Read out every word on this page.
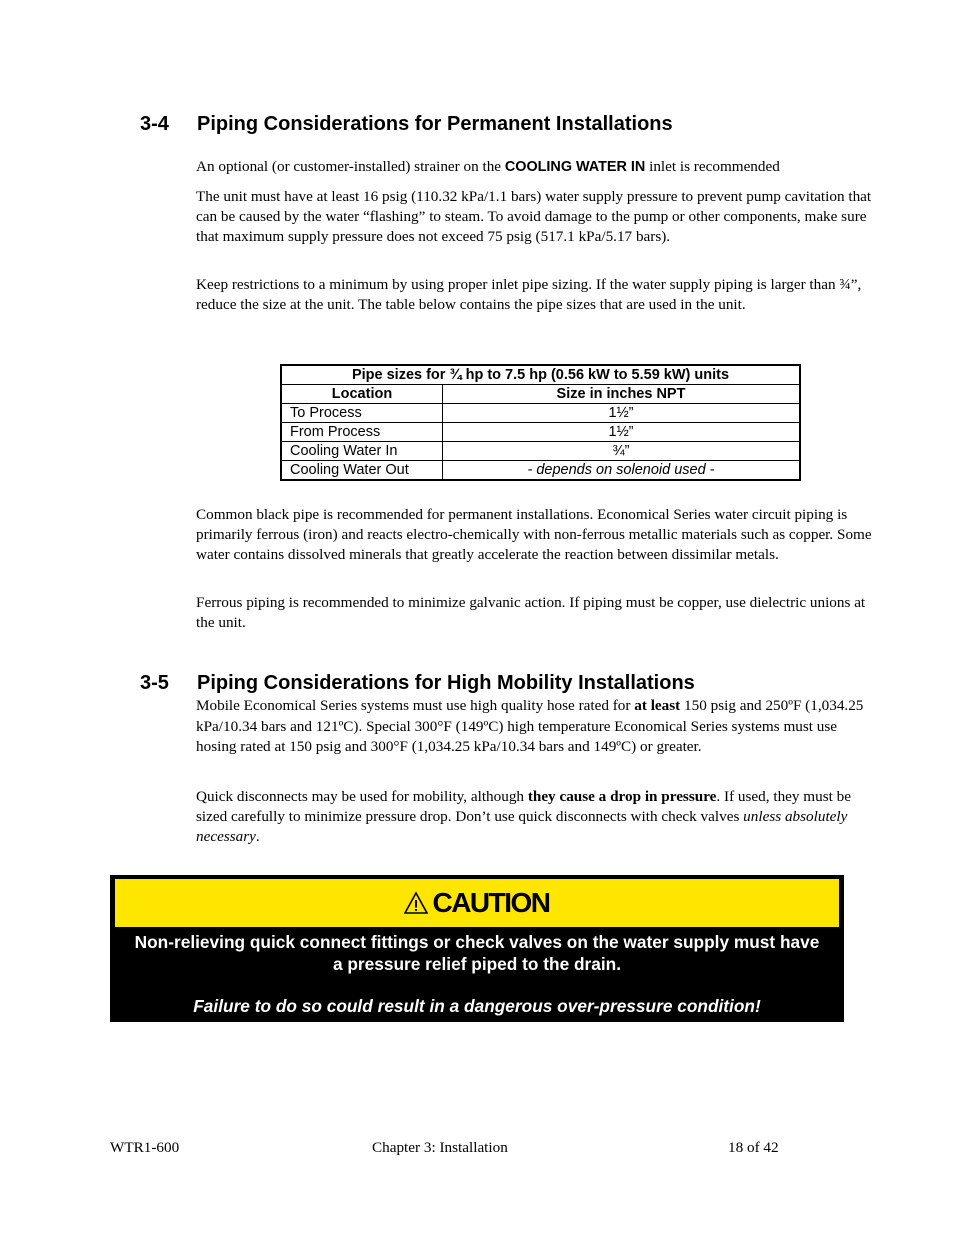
3-4 Piping Considerations for Permanent Installations

An optional (or customer-installed) strainer on the COOLING WATER IN inlet is recommended

The unit must have at least 16 psig (110.32 kPa/1.1 bars) water supply pressure to prevent pump cavitation that can be caused by the water “flashing” to steam. To avoid damage to the pump or other components, make sure that maximum supply pressure does not exceed 75 psig (517.1 kPa/5.17 bars).

Keep restrictions to a minimum by using proper inlet pipe sizing. If the water supply piping is larger than ¾”, reduce the size at the unit. The table below contains the pipe sizes that are used in the unit.

Pipe sizes for ¾ hp to 7.5 hp (0.56 kW to 5.59 kW) units	
Location	Size in inches NPT
To Process	1½”
From Process	1½”
Cooling Water In	¾”
Cooling Water Out	- depends on solenoid used -

Common black pipe is recommended for permanent installations. Economical Series water circuit piping is primarily ferrous (iron) and reacts electro-chemically with non-ferrous metallic materials such as copper. Some water contains dissolved minerals that greatly accelerate the reaction between dissimilar metals.

Ferrous piping is recommended to minimize galvanic action. If piping must be copper, use dielectric unions at the unit.

3-5 Piping Considerations for High Mobility Installations

Mobile Economical Series systems must use high quality hose rated for at least 150 psig and 250ºF (1,034.25 kPa/10.34 bars and 121ºC). Special 300°F (149ºC) high temperature Economical Series systems must use hosing rated at 150 psig and 300°F (1,034.25 kPa/10.34 bars and 149ºC) or greater.

Quick disconnects may be used for mobility, although they cause a drop in pressure. If used, they must be sized carefully to minimize pressure drop. Don’t use quick disconnects with check valves unless absolutely necessary.

CAUTION

Non-relieving quick connect fittings or check valves on the water supply must have a pressure relief piped to the drain.

Failure to do so could result in a dangerous over-pressure condition!

WTR1-600	Chapter 3: Installation	18 of 42
